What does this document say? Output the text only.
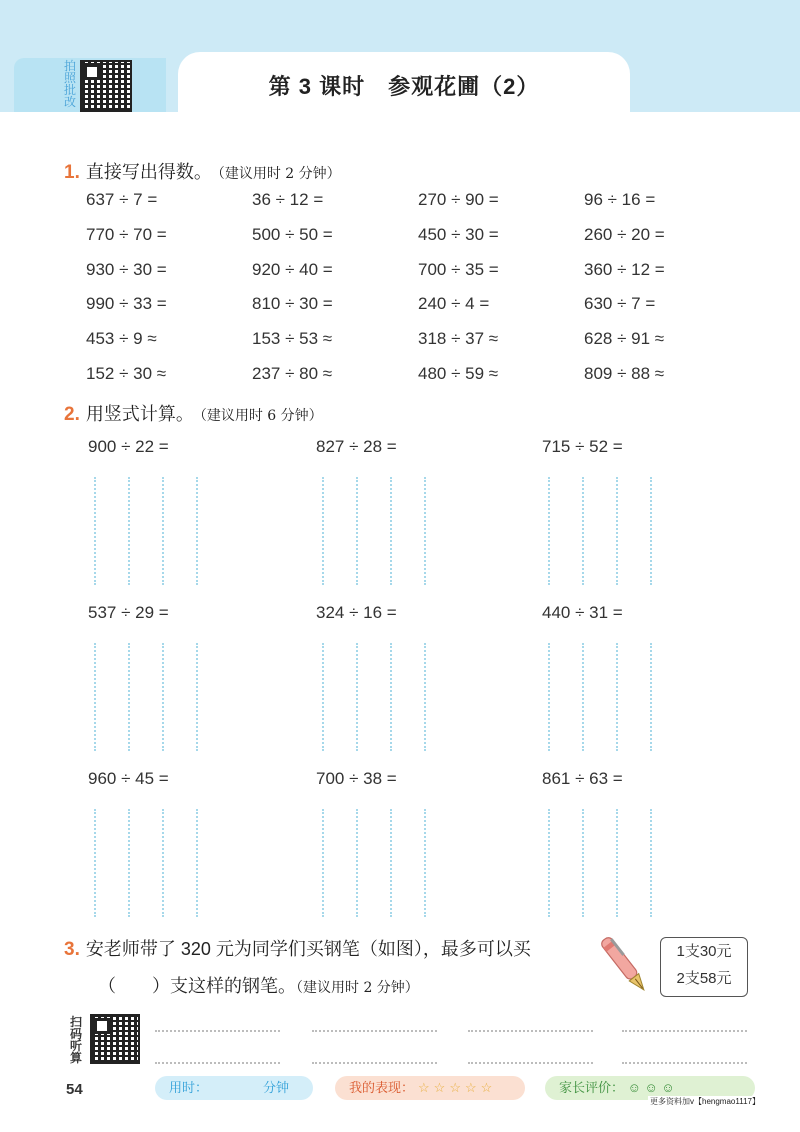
拍照批改
第 3 课时　参观花圃（2）
1. 直接写出得数。 （建议用时 2 分钟）
637 ÷ 7 =	36 ÷ 12 =	270 ÷ 90 =	96 ÷ 16 =
770 ÷ 70 =	500 ÷ 50 =	450 ÷ 30 =	260 ÷ 20 =
930 ÷ 30 =	920 ÷ 40 =	700 ÷ 35 =	360 ÷ 12 =
990 ÷ 33 =	810 ÷ 30 =	240 ÷ 4 =	630 ÷ 7 =
453 ÷ 9 ≈	153 ÷ 53 ≈	318 ÷ 37 ≈	628 ÷ 91 ≈
152 ÷ 30 ≈	237 ÷ 80 ≈	480 ÷ 59 ≈	809 ÷ 88 ≈
2. 用竖式计算。 （建议用时 6 分钟）
900 ÷ 22 =	827 ÷ 28 =	715 ÷ 52 =
537 ÷ 29 =	324 ÷ 16 =	440 ÷ 31 =
960 ÷ 45 =	700 ÷ 38 =	861 ÷ 63 =
3. 安老师带了 320 元为同学们买钢笔（如图），最多可以买
（　　）支这样的钢笔。（建议用时 2 分钟）
1支30元
2支58元
扫码听算
54	用时：	分钟	我的表现： ☆☆☆☆☆	家长评价： ☺ ☺ ☺
更多资料加v【hengmao1117】
